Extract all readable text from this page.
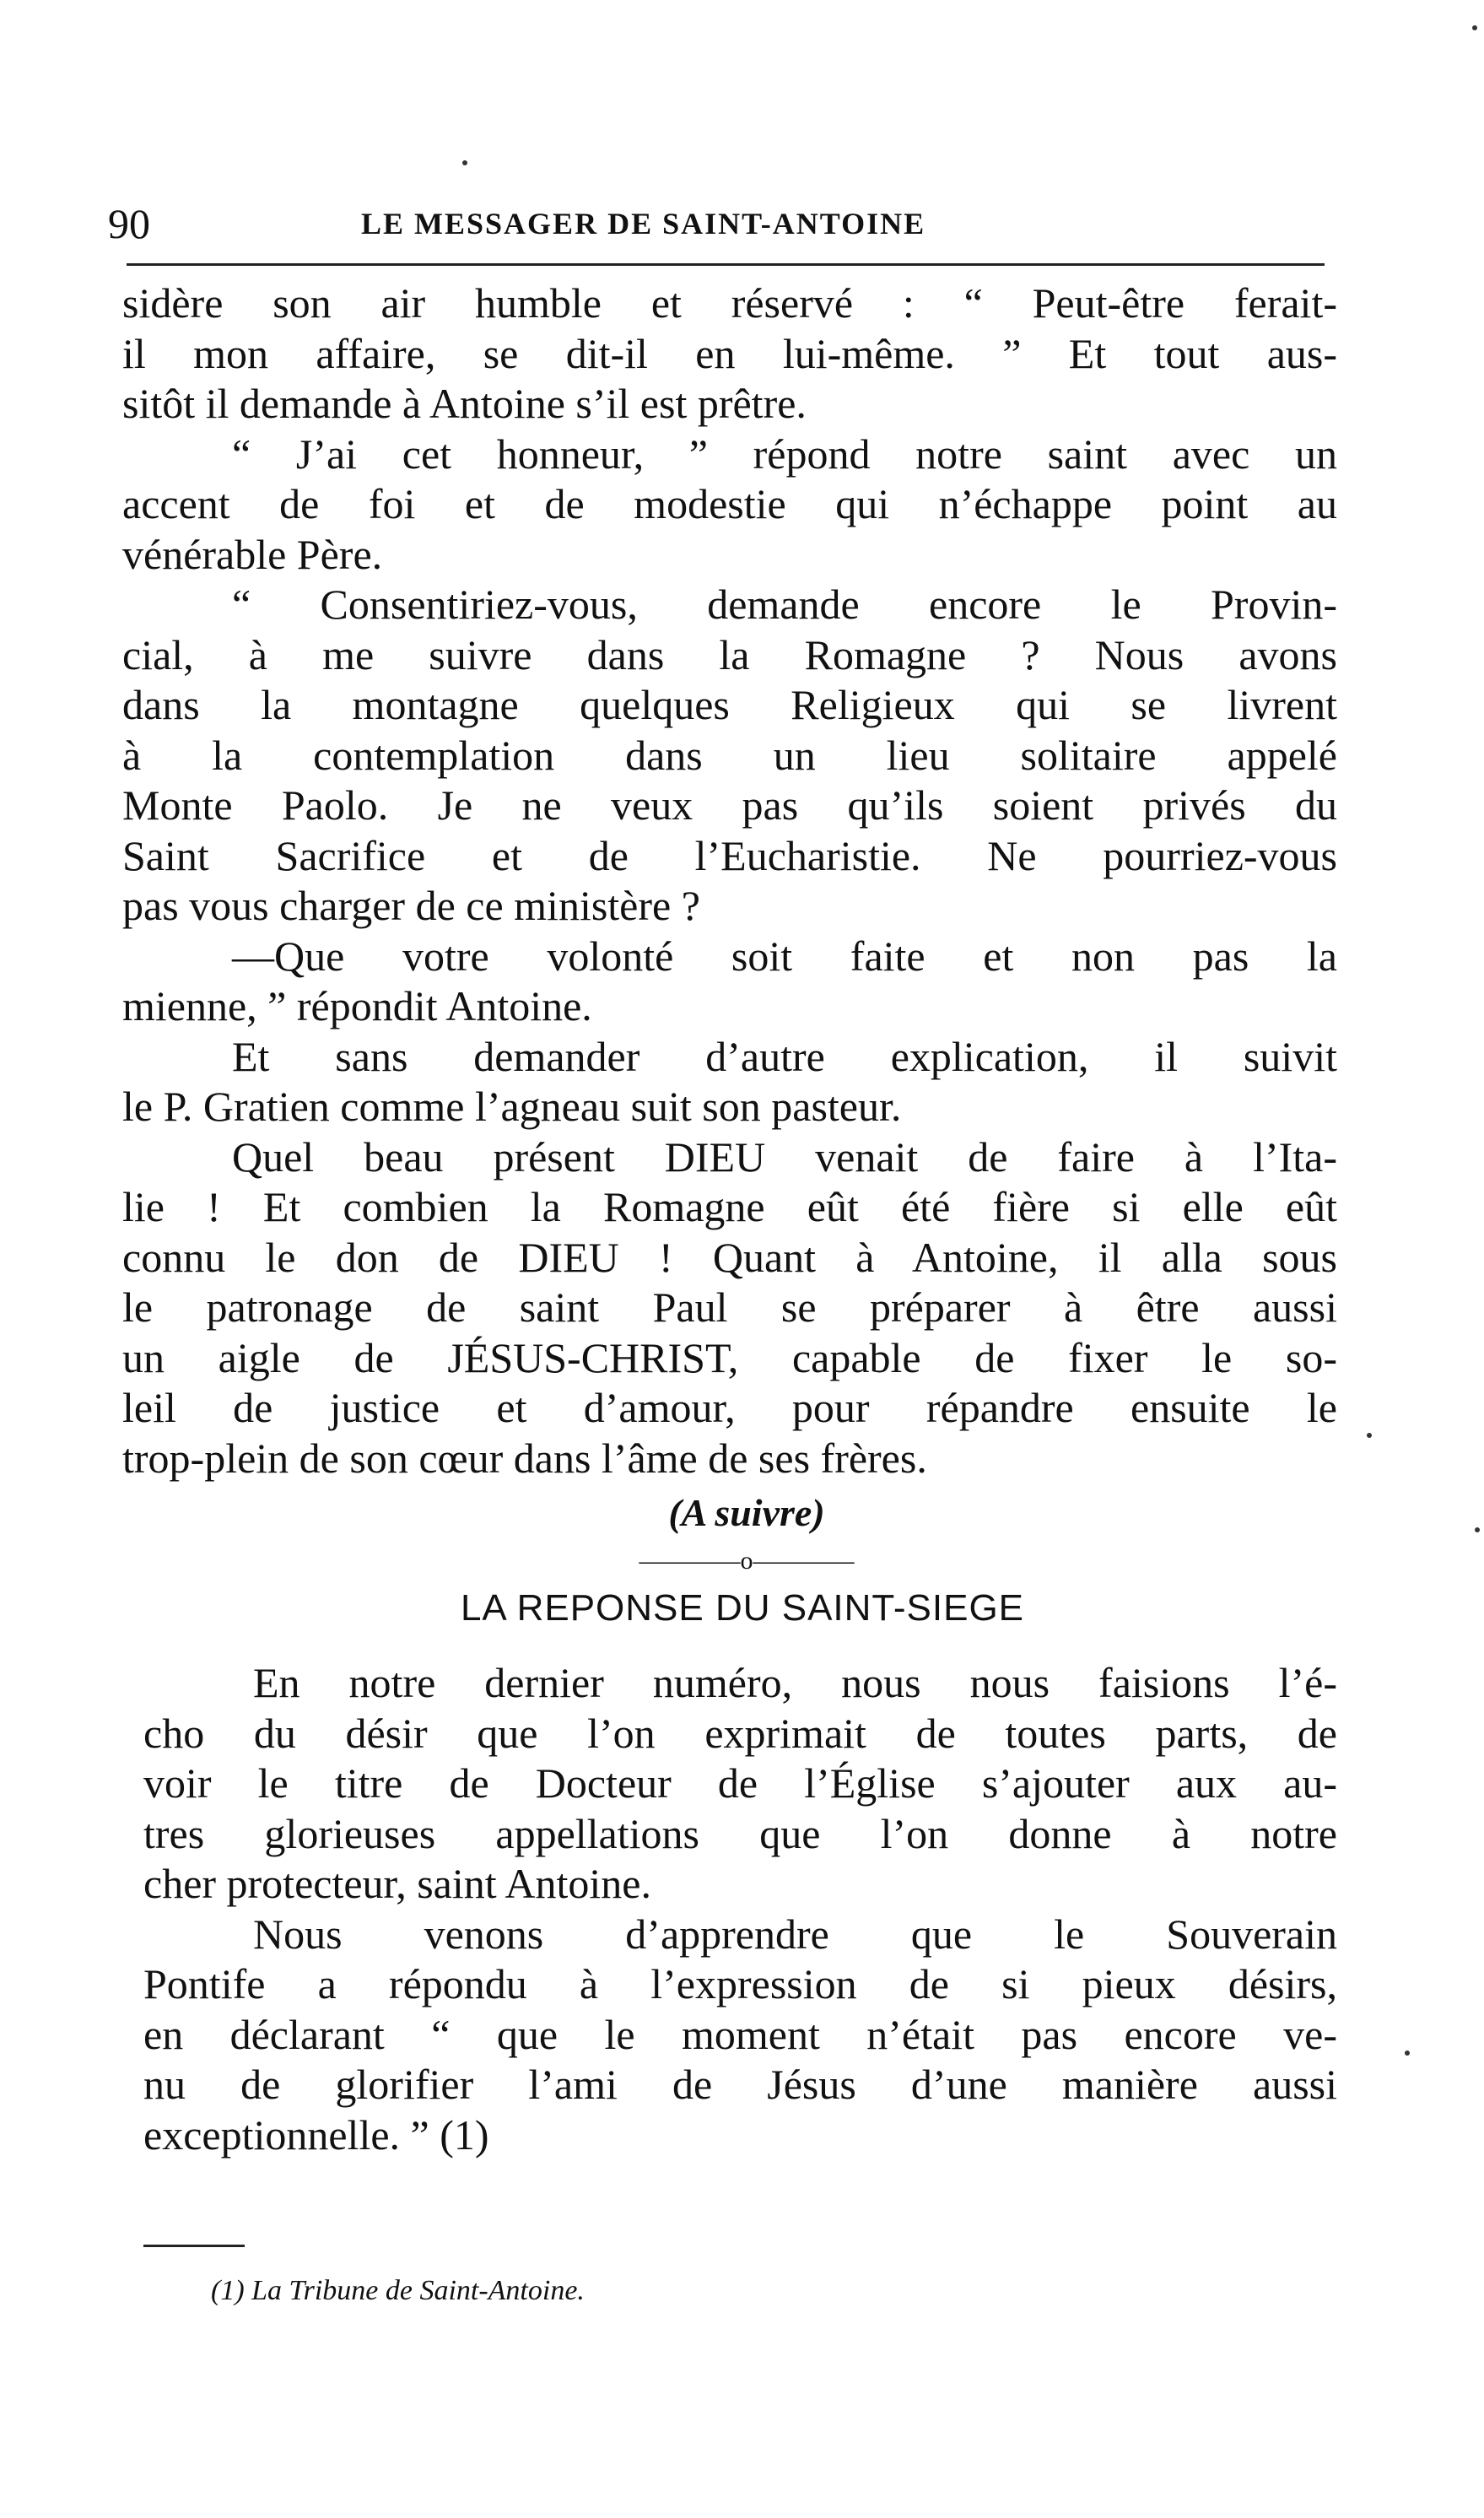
90	LE MESSAGER DE SAINT-ANTOINE
sidère son air humble et réservé : “ Peut-être ferait-
il mon affaire, se dit-il en lui-même. ” Et tout aus-
sitôt il demande à Antoine s’il est prêtre.
“ J’ai cet honneur, ” répond notre saint avec un
accent de foi et de modestie qui n’échappe point au
vénérable Père.
“ Consentiriez-vous, demande encore le Provin-
cial, à me suivre dans la Romagne ? Nous avons
dans la montagne quelques Religieux qui se livrent
à la contemplation dans un lieu solitaire appelé
Monte Paolo. Je ne veux pas qu’ils soient privés du
Saint Sacrifice et de l’Eucharistie. Ne pourriez-vous
pas vous charger de ce ministère ?
—Que votre volonté soit faite et non pas la
mienne, ” répondit Antoine.
Et sans demander d’autre explication, il suivit
le P. Gratien comme l’agneau suit son pasteur.
Quel beau présent DIEU venait de faire à l’Ita-
lie ! Et combien la Romagne eût été fière si elle eût
connu le don de DIEU ! Quant à Antoine, il alla sous
le patronage de saint Paul se préparer à être aussi
un aigle de JÉSUS-CHRIST, capable de fixer le so-
leil de justice et d’amour, pour répandre ensuite le
trop-plein de son cœur dans l’âme de ses frères.
(A suivre)
————o————
LA REPONSE DU SAINT-SIEGE
En notre dernier numéro, nous nous faisions l’é-
cho du désir que l’on exprimait de toutes parts, de
voir le titre de Docteur de l’Église s’ajouter aux au-
tres glorieuses appellations que l’on donne à notre
cher protecteur, saint Antoine.
Nous venons d’apprendre que le Souverain
Pontife a répondu à l’expression de si pieux désirs,
en déclarant “ que le moment n’était pas encore ve-
nu de glorifier l’ami de Jésus d’une manière aussi
exceptionnelle. ” (1)
(1) La Tribune de Saint-Antoine.
